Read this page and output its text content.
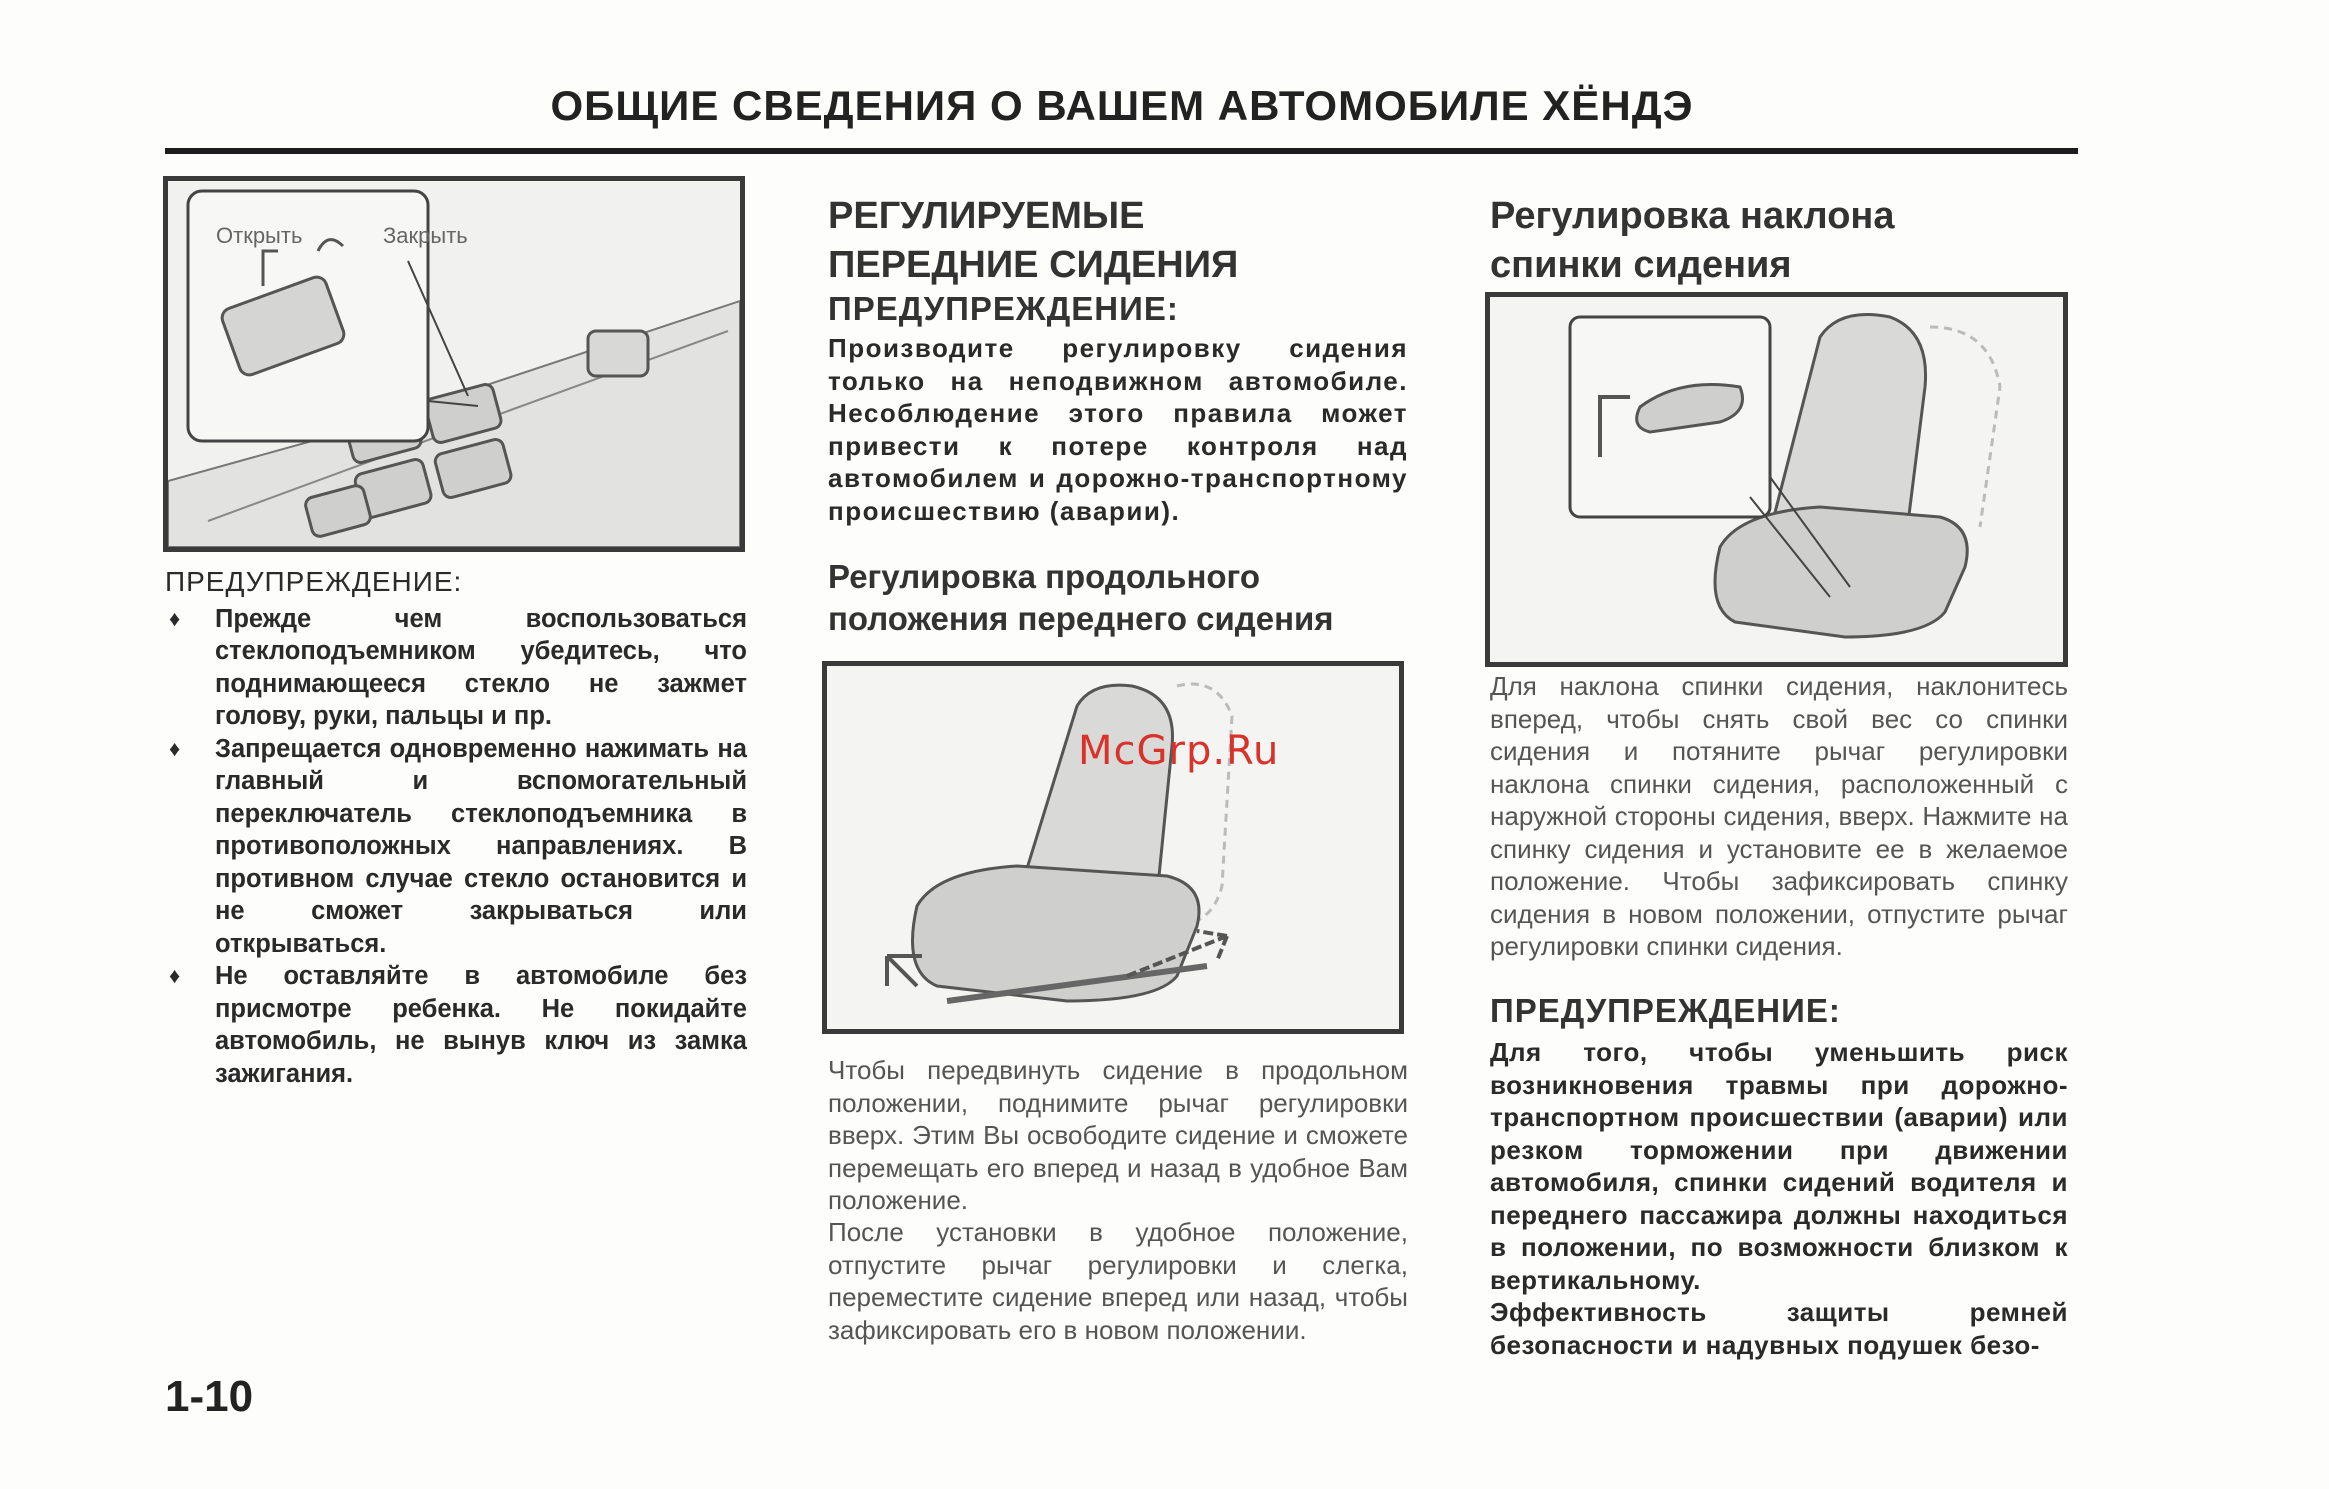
ОБЩИЕ СВЕДЕНИЯ О ВАШЕМ АВТОМОБИЛЕ ХЁНДЭ
Открыть	Закрыть
ПРЕДУПРЕЖДЕНИЕ:
♦ Прежде чем воспользоваться стеклоподъемником убедитесь, что поднимающееся стекло не зажмет голову, руки, пальцы и пр.
♦ Запрещается одновременно нажимать на главный и вспомогательный переключатель стеклоподъемника в противоположных направлениях. В противном случае стекло остановится и не сможет закрываться или открываться.
♦ Не оставляйте в автомобиле без присмотре ребенка. Не покидайте автомобиль, не вынув ключ из замка зажигания.
РЕГУЛИРУЕМЫЕ
ПЕРЕДНИЕ СИДЕНИЯ
ПРЕДУПРЕЖДЕНИЕ:
Производите регулировку сидения только на неподвижном автомобиле. Несоблюдение этого правила может привести к потере контроля над автомобилем и дорожно-транспортному происшествию (аварии).
Регулировка продольного
положения переднего сидения
Чтобы передвинуть сидение в продольном положении, поднимите рычаг регулировки вверх. Этим Вы освободите сидение и сможете перемещать его вперед и назад в удобное Вам положение.
После установки в удобное положение, отпустите рычаг регулировки и слегка, переместите сидение вперед или назад, чтобы зафиксировать его в новом положении.
Регулировка наклона
спинки сидения
Для наклона спинки сидения, наклонитесь вперед, чтобы снять свой вес со спинки сидения и потяните рычаг регулировки наклона спинки сидения, расположенный с наружной стороны сидения, вверх. Нажмите на спинку сидения и установите ее в желаемое положение. Чтобы зафиксировать спинку сидения в новом положении, отпустите рычаг регулировки спинки сидения.
ПРЕДУПРЕЖДЕНИЕ:
Для того, чтобы уменьшить риск возникновения травмы при дорожно-транспортном происшествии (аварии) или резком торможении при движении автомобиля, спинки сидений водителя и переднего пассажира должны находиться в положении, по возможности близком к вертикальному.
Эффективность защиты ремней безопасности и надувных подушек безо-
McGrp.Ru
1-10
